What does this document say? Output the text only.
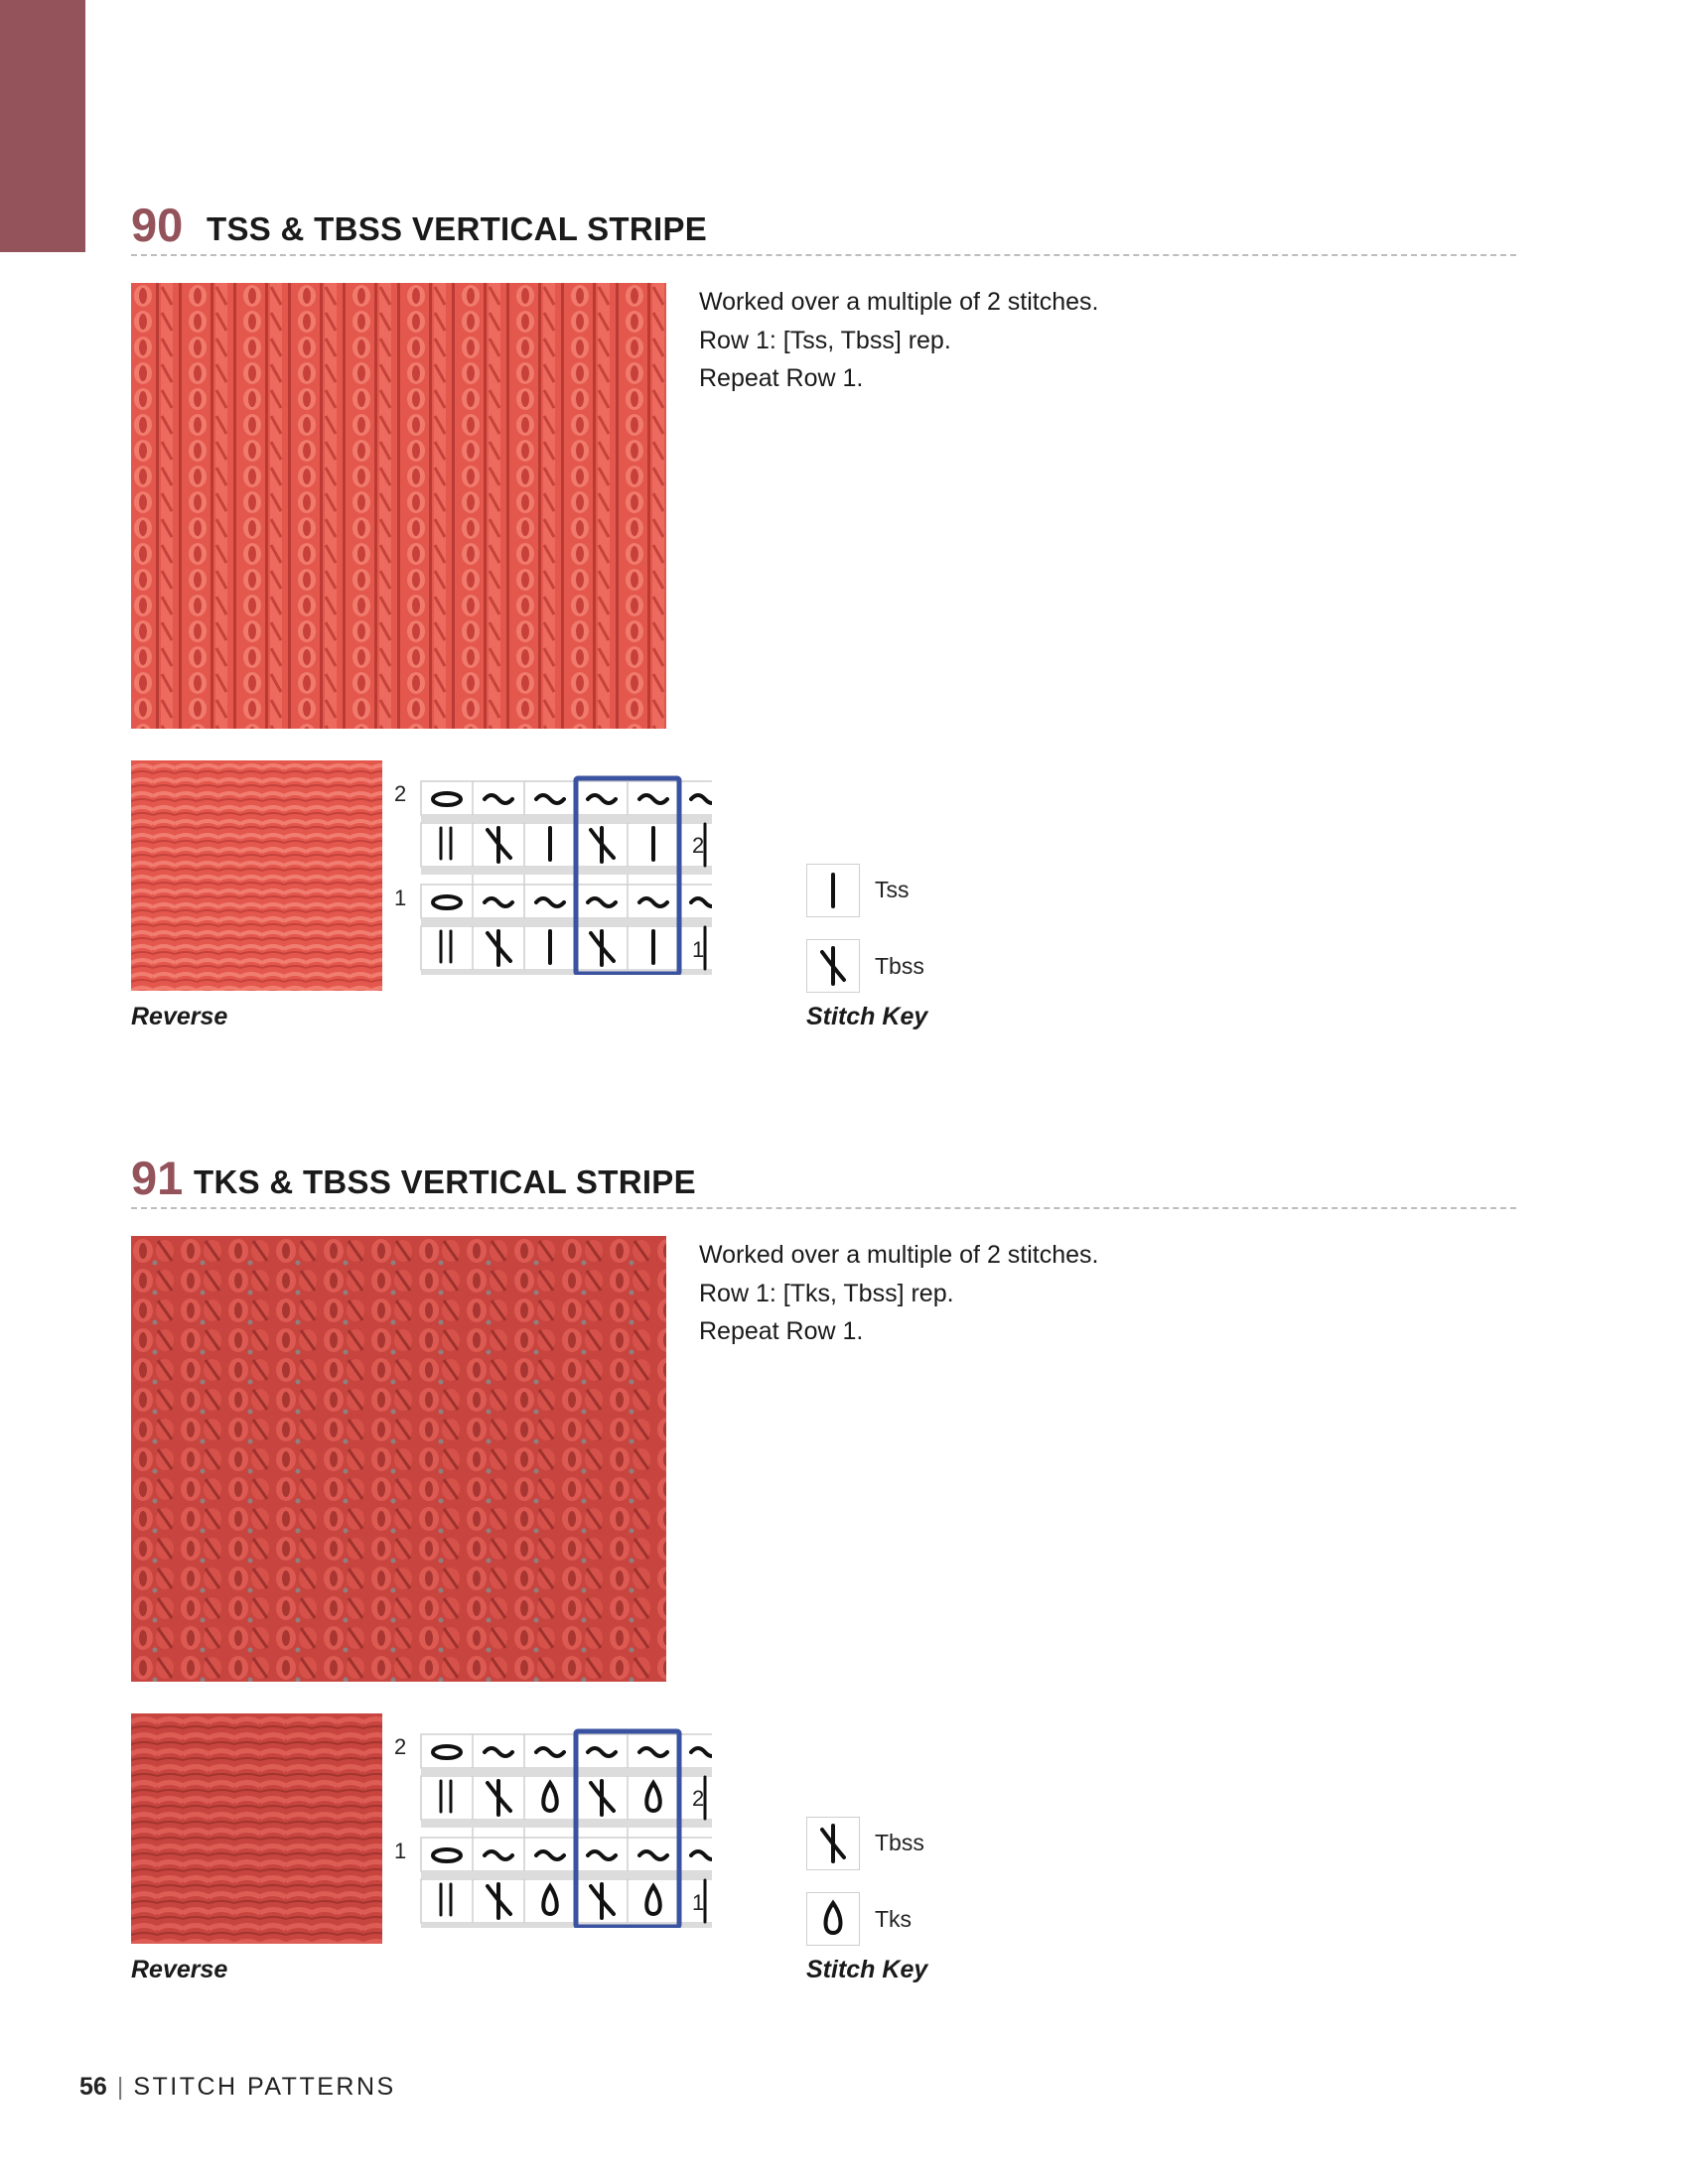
90 TSS & TBSS VERTICAL STRIPE
Worked over a multiple of 2 stitches.
Row 1: [Tss, Tbss] rep.
Repeat Row 1.
Reverse
2
1
2
1
Tss
Tbss
Stitch Key
91 TKS & TBSS VERTICAL STRIPE
Worked over a multiple of 2 stitches.
Row 1: [Tks, Tbss] rep.
Repeat Row 1.
Reverse
2
1
2
1
Tbss
Tks
Stitch Key
56 | STITCH PATTERNS
